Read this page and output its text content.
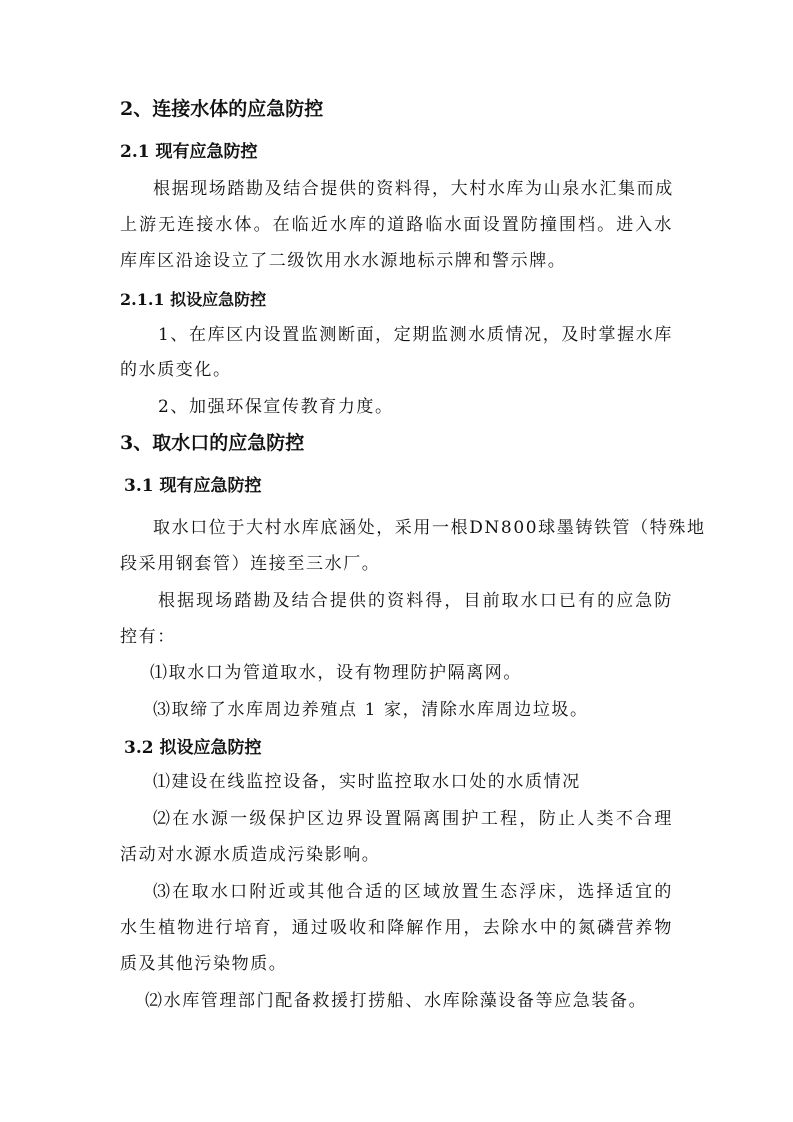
2、连接水体的应急防控
2.1 现有应急防控
根据现场踏勘及结合提供的资料得，大村水库为山泉水汇集而成
上游无连接水体。在临近水库的道路临水面设置防撞围档。进入水
库库区沿途设立了二级饮用水水源地标示牌和警示牌。
2.1.1 拟设应急防控
1、在库区内设置监测断面，定期监测水质情况，及时掌握水库
的水质变化。
2、加强环保宣传教育力度。
3、取水口的应急防控
3.1 现有应急防控
取水口位于大村水库底涵处，采用一根DN800球墨铸铁管（特殊地
段采用钢套管）连接至三水厂。
根据现场踏勘及结合提供的资料得，目前取水口已有的应急防
控有：
⑴取水口为管道取水，设有物理防护隔离网。
⑶取缔了水库周边养殖点 1 家，清除水库周边垃圾。
3.2 拟设应急防控
⑴建设在线监控设备，实时监控取水口处的水质情况
⑵在水源一级保护区边界设置隔离围护工程，防止人类不合理
活动对水源水质造成污染影响。
⑶在取水口附近或其他合适的区域放置生态浮床，选择适宜的
水生植物进行培育，通过吸收和降解作用，去除水中的氮磷营养物
质及其他污染物质。
⑵水库管理部门配备救援打捞船、水库除藻设备等应急装备。
